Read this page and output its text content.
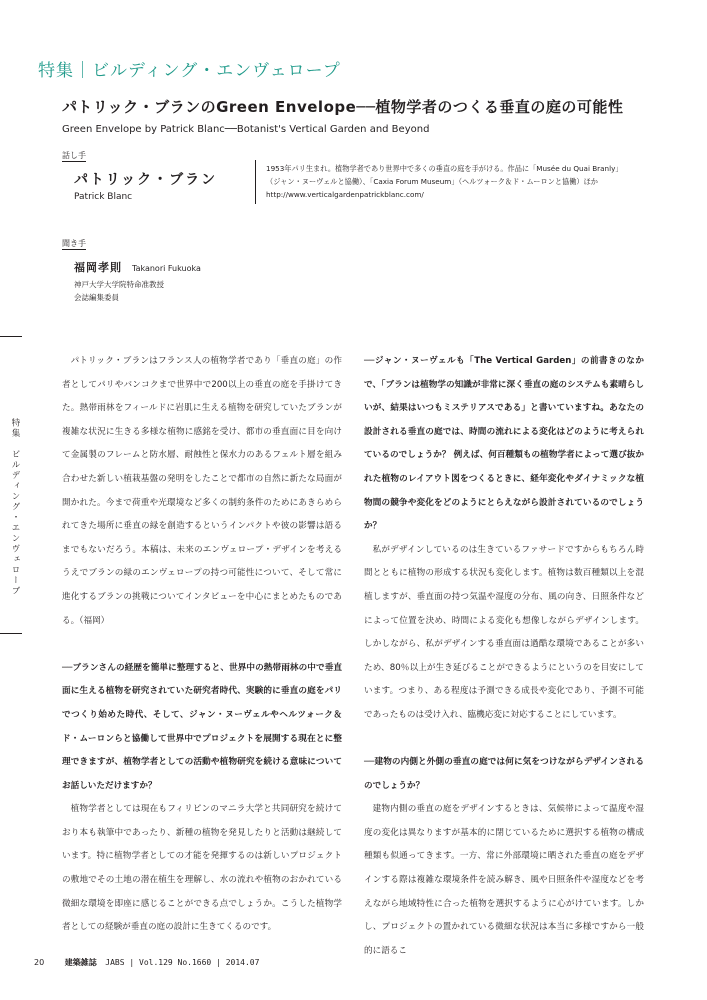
特集｜ビルディング・エンヴェロープ
パトリック・ブランのGreen Envelope──植物学者のつくる垂直の庭の可能性
Green Envelope by Patrick Blanc──Botanist's Vertical Garden and Beyond
話し手
パトリック・ブラン
Patrick Blanc
1953年パリ生まれ。植物学者であり世界中で多くの垂直の庭を手がける。作品に「Musée du Quai Branly」
（ジャン・ヌーヴェルと協働）、「Caxia Forum Museum」（ヘルツォーク＆ド・ムーロンと協働）ほか
http://www.verticalgardenpatrickblanc.com/
聞き手
福岡孝則 Takanori Fukuoka
神戸大学大学院特命准教授
会誌編集委員
特集　ビルディング・エンヴェローブ

パトリック・ブランはフランス人の植物学者であり「垂直の庭」の作者としてパリやバンコクまで世界中で200以上の垂直の庭を手掛けてきた。熱帯雨林をフィールドに岩肌に生える植物を研究していたブランが複雑な状況に生きる多様な植物に感銘を受け、都市の垂直面に目を向けて金属製のフレームと防水層、耐蝕性と保水力のあるフェルト層を組み合わせた新しい植栽基盤の発明をしたことで都市の自然に新たな局面が開かれた。今まで荷重や光環境など多くの制約条件のためにあきらめられてきた場所に垂直の緑を創造するというインパクトや彼の影響は語るまでもないだろう。本稿は、未来のエンヴェロープ・デザインを考えるうえでブランの緑のエンヴェロープの持つ可能性について、そして常に進化するブランの挑戦についてインタビューを中心にまとめたものである。（福岡）

──ブランさんの経歴を簡単に整理すると、世界中の熱帯雨林の中で垂直面に生える植物を研究されていた研究者時代、実験的に垂直の庭をパリでつくり始めた時代、そして、ジャン・ヌーヴェルやヘルツォーク＆ド・ムーロンらと協働して世界中でプロジェクトを展開する現在とに整理できますが、植物学者としての活動や植物研究を続ける意味についてお話しいただけますか？

植物学者としては現在もフィリピンのマニラ大学と共同研究を続けており本も執筆中であったり、新種の植物を発見したりと活動は継続しています。特に植物学者としての才能を発揮するのは新しいプロジェクトの敷地でその土地の潜在植生を理解し、水の流れや植物のおかれている微細な環境を即座に感じることができる点でしょうか。こうした植物学者としての経験が垂直の庭の設計に生きてくるのです。

──ジャン・ヌーヴェルも「The Vertical Garden」の前書きのなかで、「ブランは植物学の知識が非常に深く垂直の庭のシステムも素晴らしいが、結果はいつもミステリアスである」と書いていますね。あなたの設計される垂直の庭では、時間の流れによる変化はどのように考えられているのでしょうか？ 例えば、何百種類もの植物学者によって選び抜かれた植物のレイアウト図をつくるときに、経年変化やダイナミックな植物間の競争や変化をどのようにとらえながら設計されているのでしょうか？

私がデザインしているのは生きているファサードですからもちろん時間とともに植物の形成する状況も変化します。植物は数百種類以上を混植しますが、垂直面の持つ気温や湿度の分布、風の向き、日照条件などによって位置を決め、時間による変化も想像しながらデザインします。しかしながら、私がデザインする垂直面は過酷な環境であることが多いため、80％以上が生き延びることができるようにというのを目安にしています。つまり、ある程度は予測できる成長や変化であり、予測不可能であったものは受け入れ、臨機応変に対応することにしています。

──建物の内側と外側の垂直の庭では何に気をつけながらデザインされるのでしょうか？

建物内側の垂直の庭をデザインするときは、気候帯によって温度や湿度の変化は異なりますが基本的に閉じているために選択する植物の構成種類も似通ってきます。一方、常に外部環境に晒された垂直の庭をデザインする際は複雑な環境条件を読み解き、風や日照条件や湿度などを考えながら地域特性に合った植物を選択するように心がけています。しかし、プロジェクトの置かれている微細な状況は本当に多様ですから一般的に語るこ

20	建築雑誌 JABS | Vol.129 No.1660 | 2014.07
